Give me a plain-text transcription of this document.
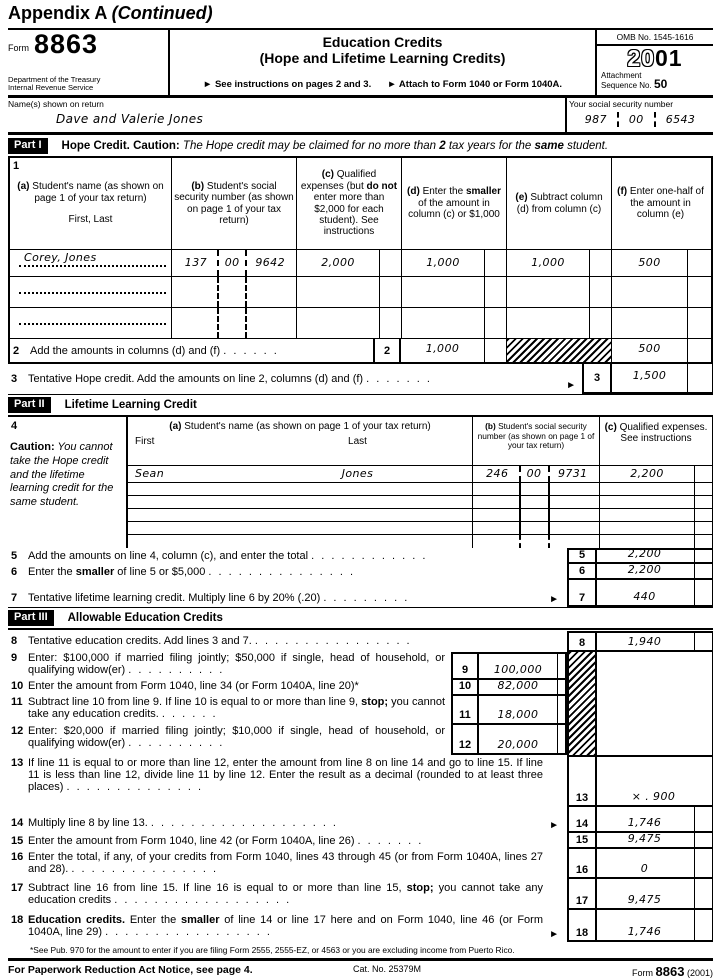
Appendix A (Continued)
Form 8863
Department of the Treasury
Internal Revenue Service
Education Credits
(Hope and Lifetime Learning Credits)
► See instructions on pages 2 and 3. ► Attach to Form 1040 or Form 1040A.
OMB No. 1545-1616
2001
Attachment
Sequence No. 50
Name(s) shown on return
Dave and Valerie Jones
Your social security number
987 00 6543
Part I	Hope Credit. Caution: The Hope credit may be claimed for no more than 2 tax years for the same student.
1
(a) Student's name (as shown on page 1 of your tax return)
First, Last
(b) Student's social security number (as shown on page 1 of your tax return)
(c) Qualified expenses (but do not enter more than $2,000 for each student). See instructions
(d) Enter the smaller of the amount in column (c) or $1,000
(e) Subtract column (d) from column (c)
(f) Enter one-half of the amount in column (e)
Corey, Jones	137	00	9642	2,000	1,000	1,000	500
2 Add the amounts in columns (d) and (f)
. . . . . .	2	1,000	500
3 Tentative Hope credit. Add the amounts on line 2, columns (d) and (f)
. . . . . . .
►
3	1,500
Part II	Lifetime Learning Credit
4
Caution: You cannot take the Hope credit and the lifetime learning credit for the same student.
(a) Student's name (as shown on page 1 of your tax return)
First	Last
(b) Student's social security number (as shown on page 1 of your tax return)
(c) Qualified expenses. See instructions
Sean	Jones	246	00	9731	2,200
5 Add the amounts on line 4, column (c), and enter the total . . . . . . . . . . . .	5	2,200
6 Enter the smaller of line 5 or $5,000 . . . . . . . . . . . . . . .	6	2,200
7 Tentative lifetime learning credit. Multiply line 6 by 20% (.20) . . . . . . . . .	►	7	440
Part III	Allowable Education Credits
8 Tentative education credits. Add lines 3 and 7. . . . . . . . . . . . . . . . .	8	1,940
9 Enter: $100,000 if married filing jointly; $50,000 if single, head of household, or qualifying widow(er) . . . . . . . . . .	9	100,000
10 Enter the amount from Form 1040, line 34 (or Form 1040A, line 20)*	10	82,000
11 Subtract line 10 from line 9. If line 10 is equal to or more than line 9, stop; you cannot take any education credits. . . . . . .	11	18,000
12 Enter: $20,000 if married filing jointly; $10,000 if single, head of household, or qualifying widow(er) . . . . . . . . . .	12	20,000
13 If line 11 is equal to or more than line 12, enter the amount from line 8 on line 14 and go to line 15. If line 11 is less than line 12, divide line 11 by line 12. Enter the result as a decimal (rounded to at least three places) . . . . . . . . . . . . . .
13	× . 900
14 Multiply line 8 by line 13. . . . . . . . . . . . . . . . . . . .	►	14	1,746
15 Enter the amount from Form 1040, line 42 (or Form 1040A, line 26) . . . . . . .	15	9,475
16 Enter the total, if any, of your credits from Form 1040, lines 43 through 45 (or from Form 1040A, lines 27 and 28). . . . . . . . . . . . . . . .	16	0
17 Subtract line 16 from line 15. If line 16 is equal to or more than line 15, stop; you cannot take any education credits . . . . . . . . . . . . . . . . . .	17	9,475
18 Education credits. Enter the smaller of line 14 or line 17 here and on Form 1040, line 46 (or Form 1040A, line 29) . . . . . . . . . . . . . . . . .	►	18	1,746
*See Pub. 970 for the amount to enter if you are filing Form 2555, 2555-EZ, or 4563 or you are excluding income from Puerto Rico.
For Paperwork Reduction Act Notice, see page 4.	Cat. No. 25379M	Form 8863 (2001)
